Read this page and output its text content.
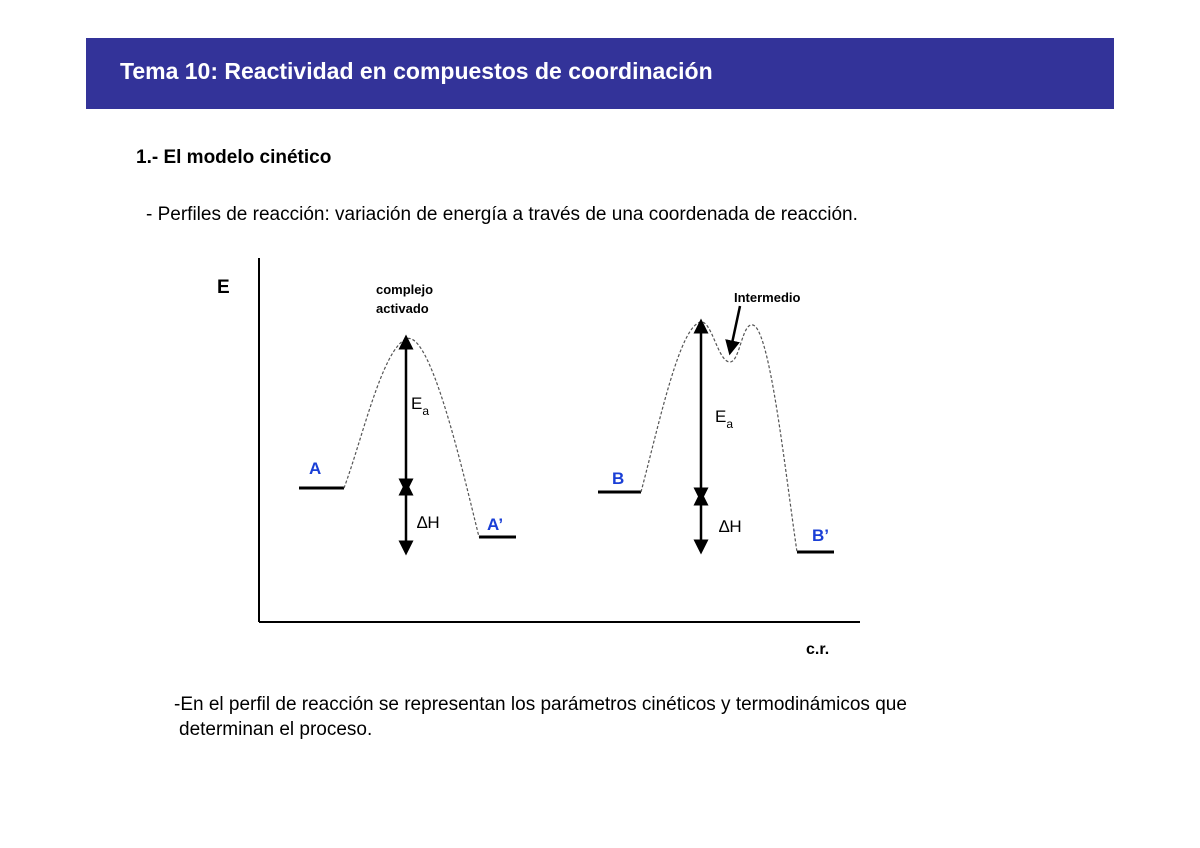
Tema 10: Reactividad en compuestos de coordinación
1.- El modelo cinético
- Perfiles de reacción: variación de energía a través de una coordenada de reacción.
E
c.r.
complejo
activado
A
A’
$E_a$
∆H
Intermedio
B
B’
$E_a$
∆H
-En el perfil de reacción se representan los parámetros cinéticos y termodinámicos que
determinan el proceso.
